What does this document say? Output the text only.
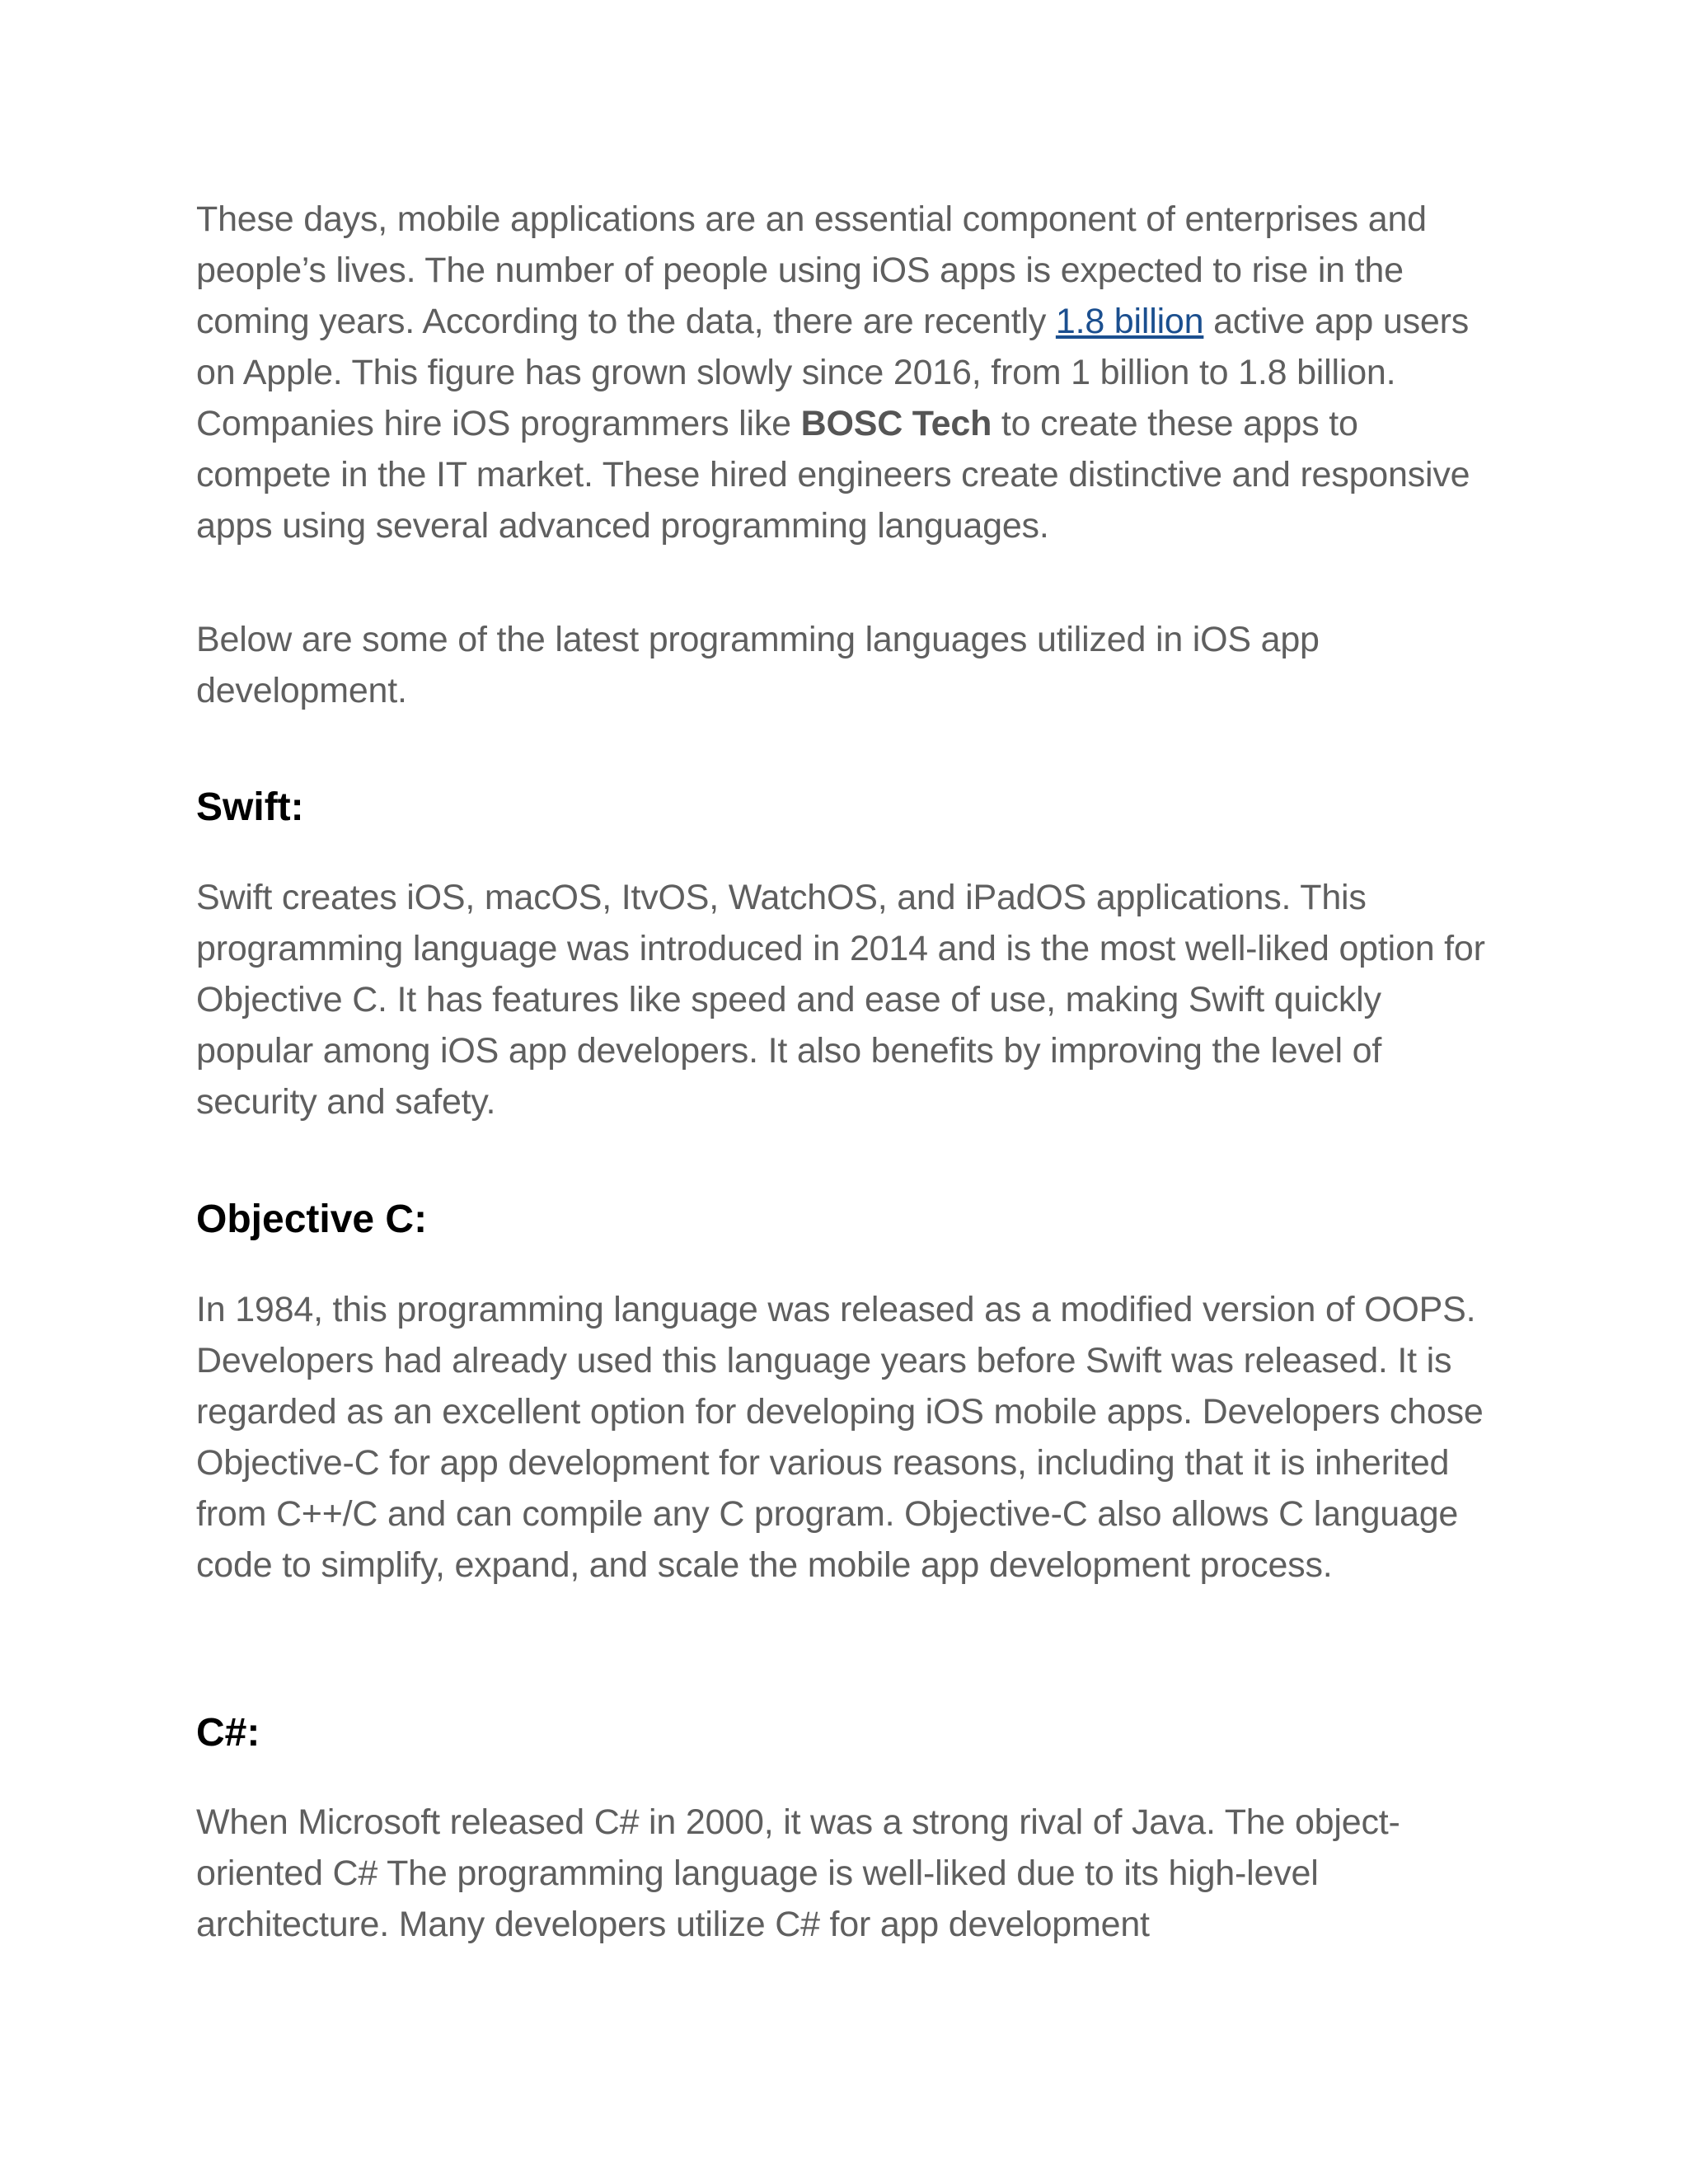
These days, mobile applications are an essential component of enterprises and people’s lives. The number of people using iOS apps is expected to rise in the coming years. According to the data, there are recently 1.8 billion active app users on Apple. This figure has grown slowly since 2016, from 1 billion to 1.8 billion. Companies hire iOS programmers like BOSC Tech to create these apps to compete in the IT market. These hired engineers create distinctive and responsive apps using several advanced programming languages.

Below are some of the latest programming languages utilized in iOS app development.

Swift:

Swift creates iOS, macOS, ItvOS, WatchOS, and iPadOS applications. This programming language was introduced in 2014 and is the most well-liked option for Objective C. It has features like speed and ease of use, making Swift quickly popular among iOS app developers. It also benefits by improving the level of security and safety.

Objective C:

In 1984, this programming language was released as a modified version of OOPS. Developers had already used this language years before Swift was released. It is regarded as an excellent option for developing iOS mobile apps. Developers chose Objective-C for app development for various reasons, including that it is inherited from C++/C and can compile any C program. Objective-C also allows C language code to simplify, expand, and scale the mobile app development process.

C#:

When Microsoft released C# in 2000, it was a strong rival of Java. The object-oriented C# The programming language is well-liked due to its high-level architecture. Many developers utilize C# for app development
